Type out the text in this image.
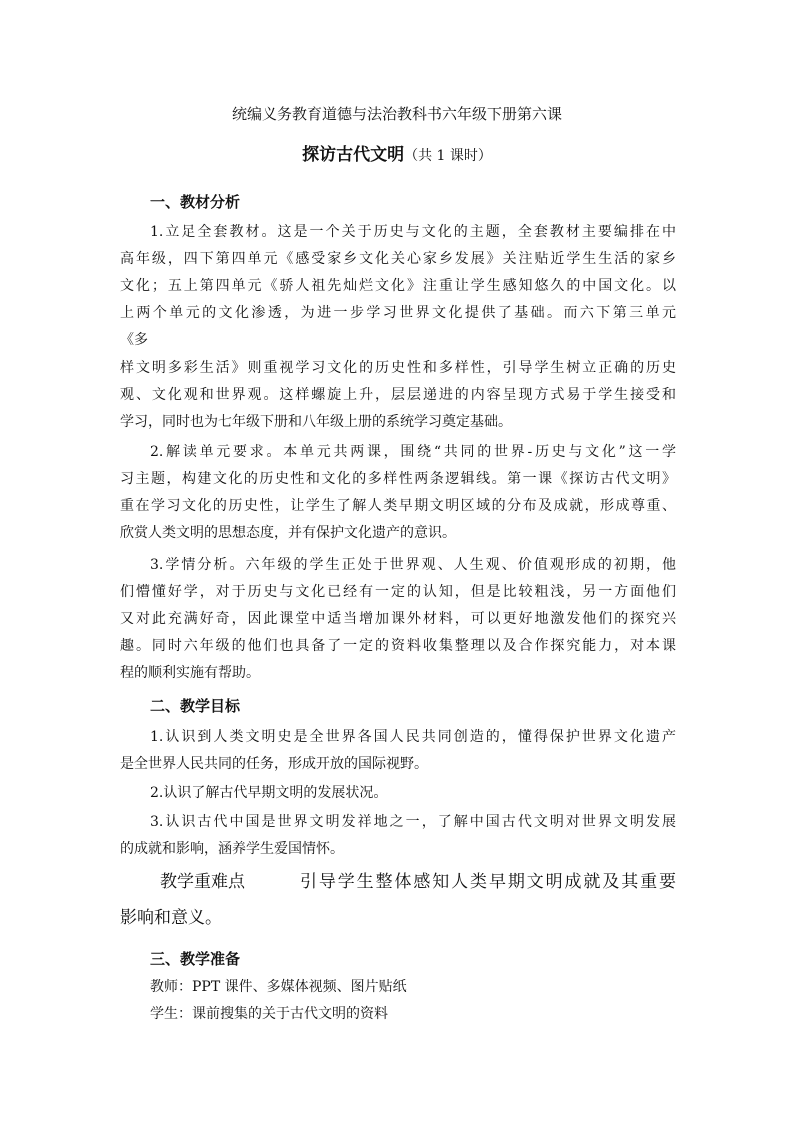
统编义务教育道德与法治教科书六年级下册第六课
探访古代文明（共 1 课时）
一、教材分析
1.立足全套教材。这是一个关于历史与文化的主题，全套教材主要编排在中
高年级，四下第四单元《感受家乡文化关心家乡发展》关注贴近学生生活的家乡
文化；五上第四单元《骄人祖先灿烂文化》注重让学生感知悠久的中国文化。以
上两个单元的文化渗透，为进一步学习世界文化提供了基础。而六下第三单元
《多
样文明多彩生活》则重视学习文化的历史性和多样性，引导学生树立正确的历史
观、文化观和世界观。这样螺旋上升，层层递进的内容呈现方式易于学生接受和
学习，同时也为七年级下册和八年级上册的系统学习奠定基础。
2.解读单元要求。本单元共两课，围绕“共同的世界-历史与文化”这一学
习主题，构建文化的历史性和文化的多样性两条逻辑线。第一课《探访古代文明》
重在学习文化的历史性，让学生了解人类早期文明区域的分布及成就，形成尊重、
欣赏人类文明的思想态度，并有保护文化遗产的意识。
3.学情分析。六年级的学生正处于世界观、人生观、价值观形成的初期，他
们懵懂好学，对于历史与文化已经有一定的认知，但是比较粗浅，另一方面他们
又对此充满好奇，因此课堂中适当增加课外材料，可以更好地激发他们的探究兴
趣。同时六年级的他们也具备了一定的资料收集整理以及合作探究能力，对本课
程的顺利实施有帮助。
二、教学目标
1.认识到人类文明史是全世界各国人民共同创造的，懂得保护世界文化遗产
是全世界人民共同的任务，形成开放的国际视野。
2.认识了解古代早期文明的发展状况。
3.认识古代中国是世界文明发祥地之一，了解中国古代文明对世界文明发展
的成就和影响，涵养学生爱国情怀。
教学重难点	引导学生整体感知人类早期文明成就及其重要
影响和意义。
三、教学准备
教师：PPT 课件、多媒体视频、图片贴纸
学生：课前搜集的关于古代文明的资料
